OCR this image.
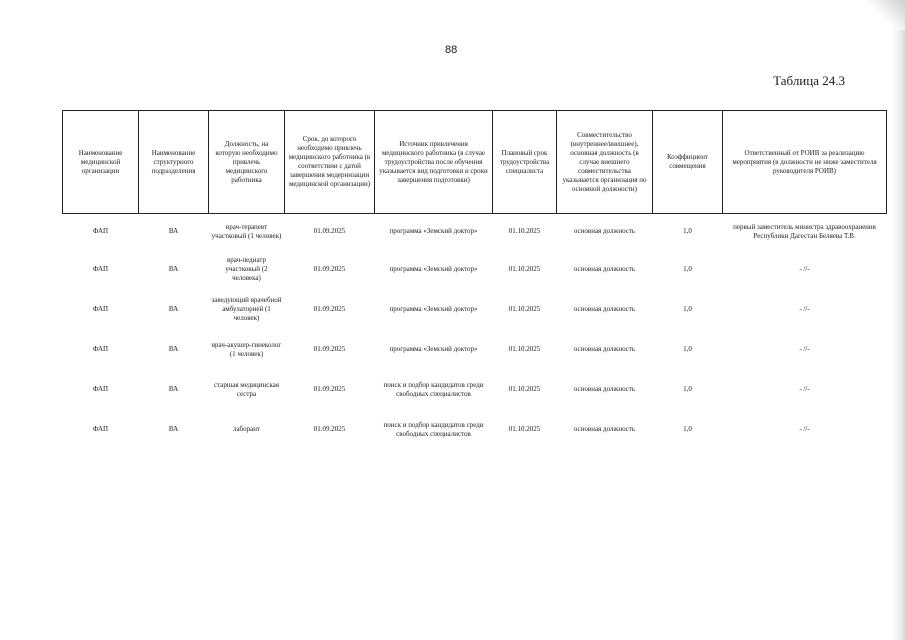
88
Таблица 24.3
Наименование медицинской организации	Наименование структурного подразделения	Должность, на которую необходимо привлечь медицинского работника	Срок, до которого необходимо привлечь медицинского работника (в соответствии с датой завершения модернизации медицинской организации)	Источник привлечения медицинского работника (в случае трудоустройства после обучения указывается вид подготовки и сроки завершения подготовки)	Плановый срок трудоустройства специалиста	Совместительство (внутреннее/внешнее), основная должность (в случае внешнего совместительства указывается организация по основной должности)	Коэффициент совмещения	Ответственный от РОИВ за реализацию мероприятия (в должности не ниже заместителя руководителя РОИВ)
ФАП	ВА	врач-терапевт участковый (1 человек)	01.09.2025	программа «Земский доктор»	01.10.2025	основная должность	1,0	первый заместитель министра здравоохранения Республики Дагестан Беляева Т.В.
ФАП	ВА	врач-педиатр участковый (2 человека)	01.09.2025	программа «Земский доктор»	01.10.2025	основная должность	1,0	- //-
ФАП	ВА	заведующий врачебной амбулаторией (1 человек)	01.09.2025	программа «Земский доктор»	01.10.2025	основная должность	1,0	- //-
ФАП	ВА	врач-акушер-гинеколог (1 человек)	01.09.2025	программа «Земский доктор»	01.10.2025	основная должность	1,0	- //-
ФАП	ВА	старшая медицинская сестра	01.09.2025	поиск и подбор кандидатов среди свободных специалистов	01.10.2025	основная должность	1,0	- //-
ФАП	ВА	лаборант	01.09.2025	поиск и подбор кандидатов среди свободных специалистов	01.10.2025	основная должность	1,0	- //-
